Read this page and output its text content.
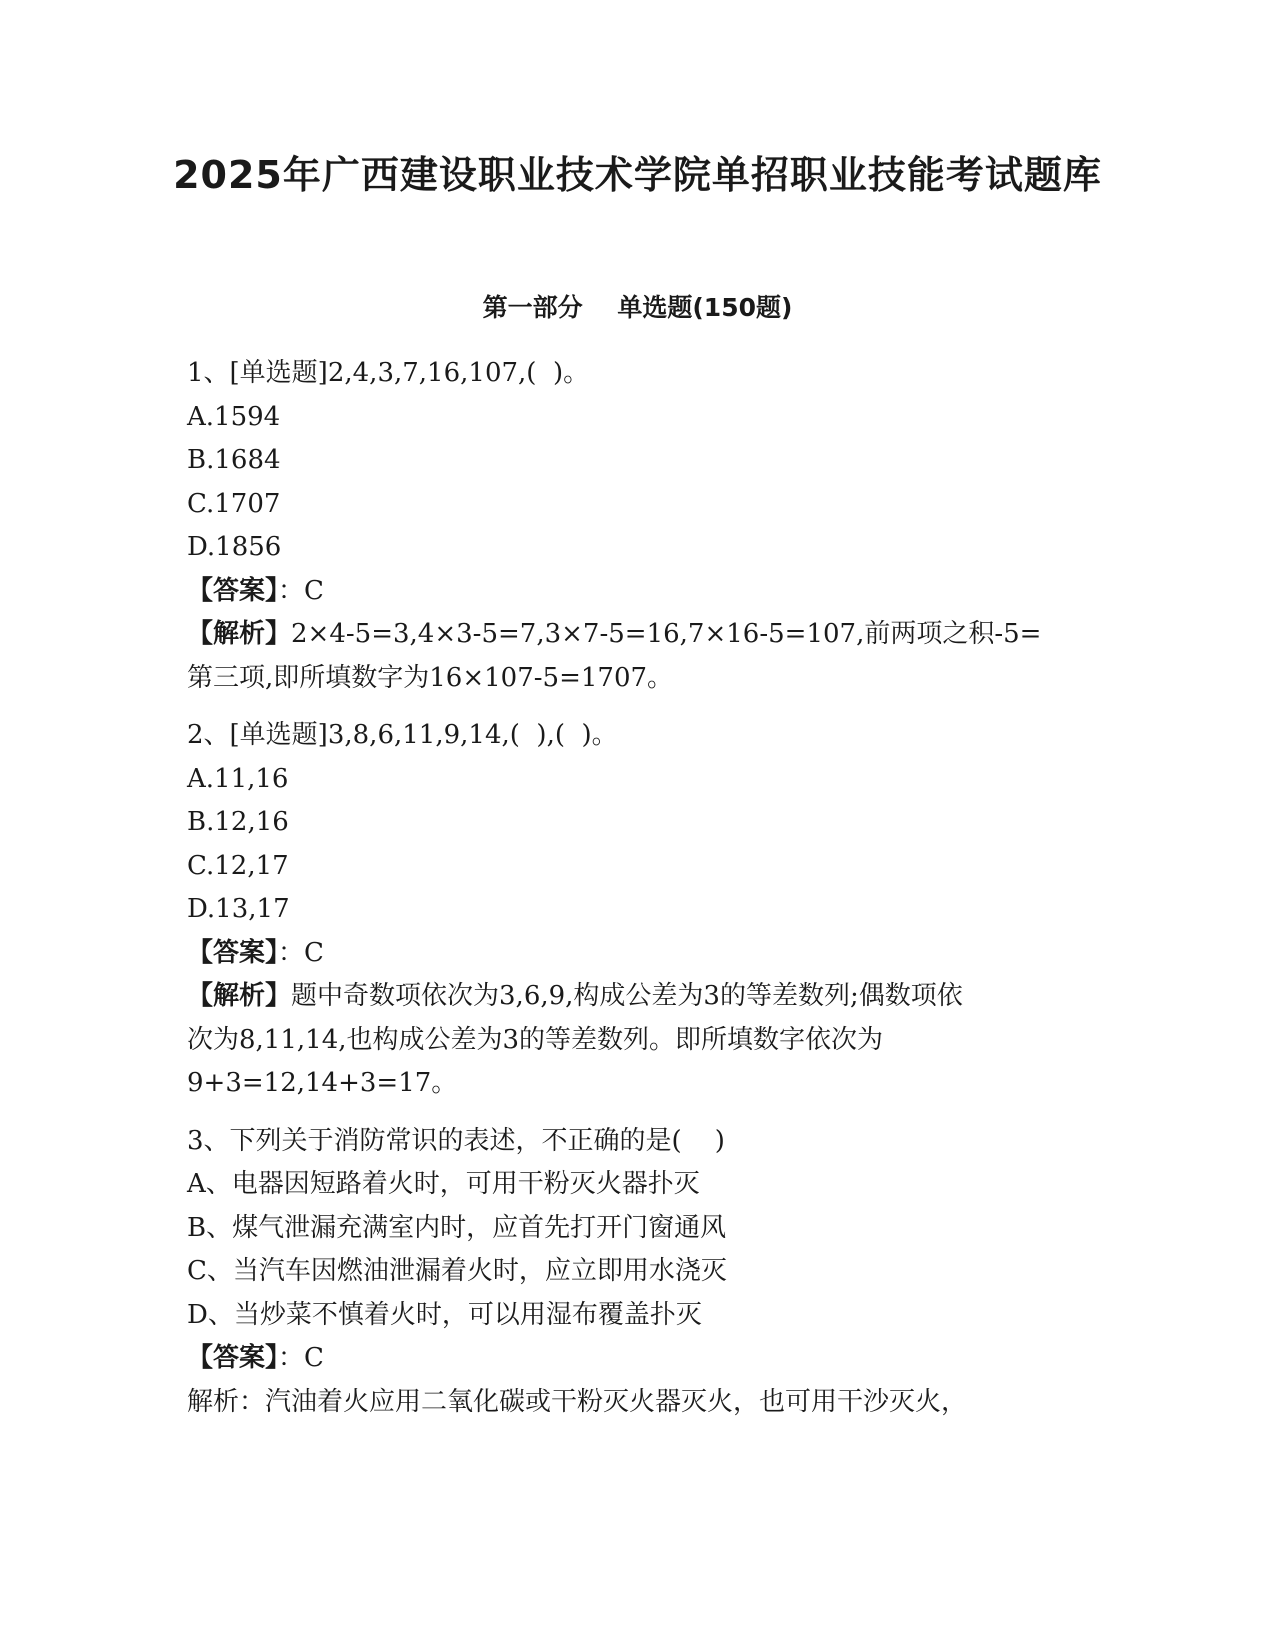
2025年广西建设职业技术学院单招职业技能考试题库
第一部分    单选题(150题)
1、[单选题]2,4,3,7,16,107,(  )。
A.1594
B.1684
C.1707
D.1856
【答案】：C
【解析】2×4-5=3,4×3-5=7,3×7-5=16,7×16-5=107,前两项之积-5=
第三项,即所填数字为16×107-5=1707。
2、[单选题]3,8,6,11,9,14,(  ),(  )。
A.11,16
B.12,16
C.12,17
D.13,17
【答案】：C
【解析】题中奇数项依次为3,6,9,构成公差为3的等差数列;偶数项依
次为8,11,14,也构成公差为3的等差数列。即所填数字依次为
9+3=12,14+3=17。
3、下列关于消防常识的表述，不正确的是(    )
A、电器因短路着火时，可用干粉灭火器扑灭
B、煤气泄漏充满室内时，应首先打开门窗通风
C、当汽车因燃油泄漏着火时，应立即用水浇灭
D、当炒菜不慎着火时，可以用湿布覆盖扑灭
【答案】：C
解析：汽油着火应用二氧化碳或干粉灭火器灭火，也可用干沙灭火，
